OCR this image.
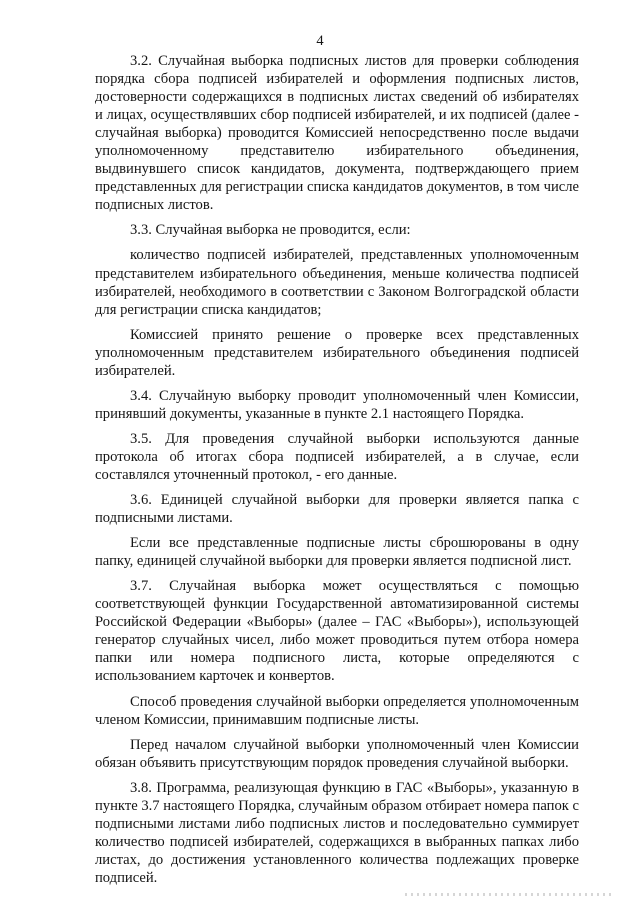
4

3.2. Случайная выборка подписных листов для проверки соблюдения порядка сбора подписей избирателей и оформления подписных листов, достоверности содержащихся в подписных листах сведений об избирателях и лицах, осуществлявших сбор подписей избирателей, и их подписей (далее - случайная выборка) проводится Комиссией непосредственно после выдачи уполномоченному представителю избирательного объединения, выдвинувшего список кандидатов, документа, подтверждающего прием представленных для регистрации списка кандидатов документов, в том числе подписных листов.

3.3. Случайная выборка не проводится, если:

количество подписей избирателей, представленных уполномоченным представителем избирательного объединения, меньше количества подписей избирателей, необходимого в соответствии с Законом Волгоградской области для регистрации списка кандидатов;

Комиссией принято решение о проверке всех представленных уполномоченным представителем избирательного объединения подписей избирателей.

3.4. Случайную выборку проводит уполномоченный член Комиссии, принявший документы, указанные в пункте 2.1 настоящего Порядка.

3.5. Для проведения случайной выборки используются данные протокола об итогах сбора подписей избирателей, а в случае, если составлялся уточненный протокол, - его данные.

3.6. Единицей случайной выборки для проверки является папка с подписными листами.

Если все представленные подписные листы сброшюрованы в одну папку, единицей случайной выборки для проверки является подписной лист.

3.7. Случайная выборка может осуществляться с помощью соответствующей функции Государственной автоматизированной системы Российской Федерации «Выборы» (далее – ГАС «Выборы»), использующей генератор случайных чисел, либо может проводиться путем отбора номера папки или номера подписного листа, которые определяются с использованием карточек и конвертов.

Способ проведения случайной выборки определяется уполномоченным членом Комиссии, принимавшим подписные листы.

Перед началом случайной выборки уполномоченный член Комиссии обязан объявить присутствующим порядок проведения случайной выборки.

3.8. Программа, реализующая функцию в ГАС «Выборы», указанную в пункте 3.7 настоящего Порядка, случайным образом отбирает номера папок с подписными листами либо подписных листов и последовательно суммирует количество подписей избирателей, содержащихся в выбранных папках либо листах, до достижения установленного количества подлежащих проверке подписей.
